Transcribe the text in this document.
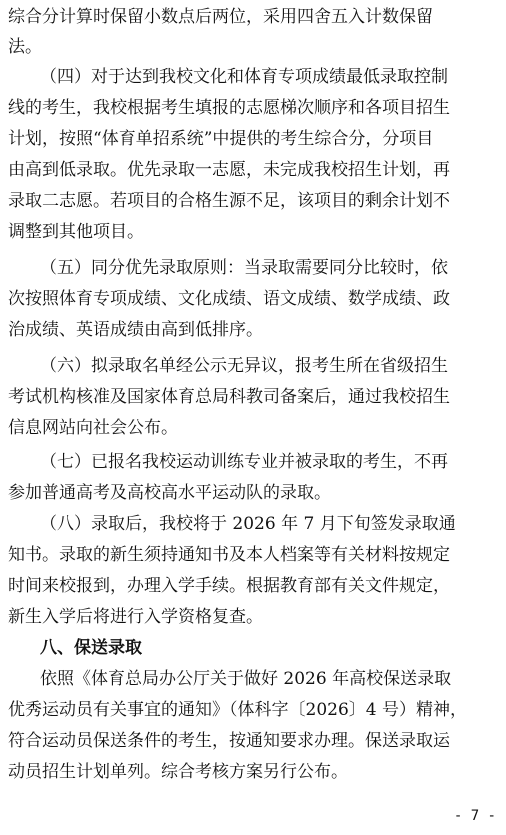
综合分计算时保留小数点后两位，采用四舍五入计数保留
法。
（四）对于达到我校文化和体育专项成绩最低录取控制
线的考生，我校根据考生填报的志愿梯次顺序和各项目招生
计划，按照“体育单招系统”中提供的考生综合分，分项目
由高到低录取。优先录取一志愿，未完成我校招生计划，再
录取二志愿。若项目的合格生源不足，该项目的剩余计划不
调整到其他项目。
（五）同分优先录取原则：当录取需要同分比较时，依
次按照体育专项成绩、文化成绩、语文成绩、数学成绩、政
治成绩、英语成绩由高到低排序。
（六）拟录取名单经公示无异议，报考生所在省级招生
考试机构核准及国家体育总局科教司备案后，通过我校招生
信息网站向社会公布。
（七）已报名我校运动训练专业并被录取的考生，不再
参加普通高考及高校高水平运动队的录取。
（八）录取后，我校将于 2026 年 7 月下旬签发录取通
知书。录取的新生须持通知书及本人档案等有关材料按规定
时间来校报到，办理入学手续。根据教育部有关文件规定，
新生入学后将进行入学资格复查。
八、保送录取
依照《体育总局办公厅关于做好 2026 年高校保送录取
优秀运动员有关事宜的通知》（体科字〔2026〕4 号）精神，
符合运动员保送条件的考生，按通知要求办理。保送录取运
动员招生计划单列。综合考核方案另行公布。
- 7 -
